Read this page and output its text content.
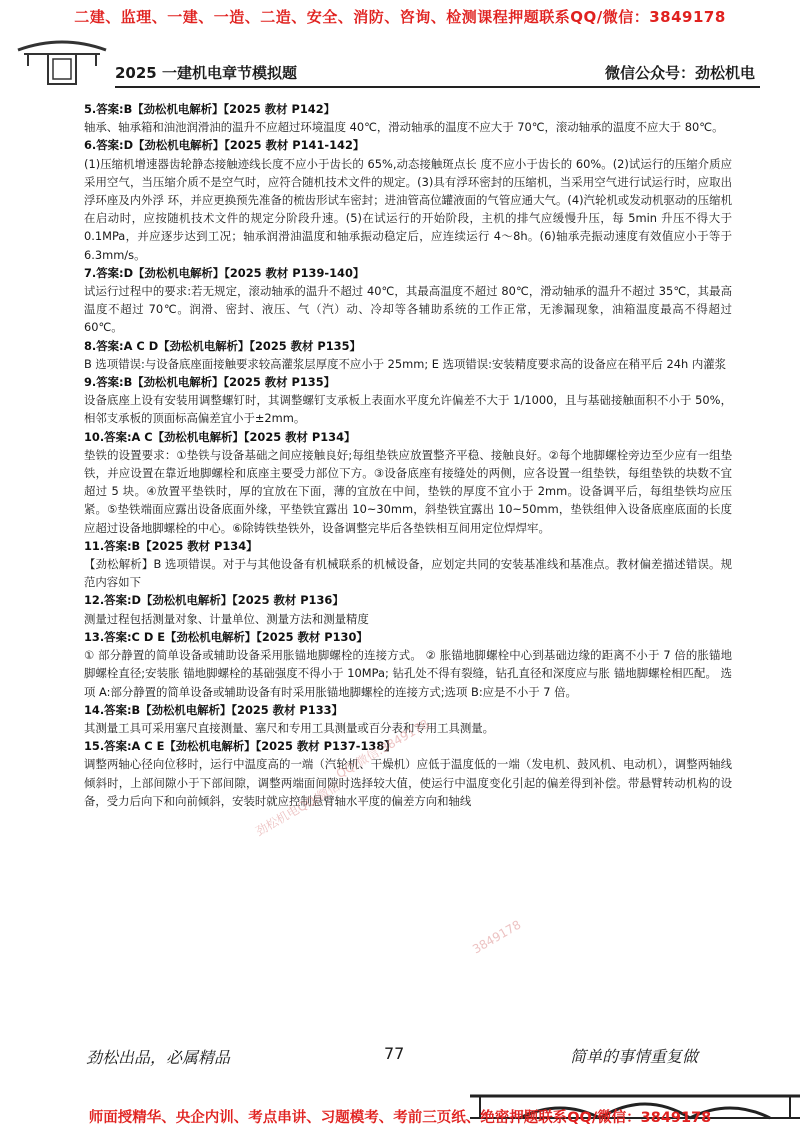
二建、监理、一建、一造、二造、安全、消防、咨询、检测课程押题联系QQ/微信：3849178
2025 一建机电章节模拟题	微信公众号：劲松机电
5.答案:B【劲松机电解析】【2025 教材 P142】

轴承、轴承箱和油池润滑油的温升不应超过环境温度 40℃，滑动轴承的温度不应大于 70℃，滚动轴承的温度不应大于 80℃。

6.答案:D【劲松机电解析】【2025 教材 P141-142】

(1)压缩机增速器齿轮静态接触迹线长度不应小于齿长的 65%,动态接触斑点长 度不应小于齿长的 60%。(2)试运行的压缩介质应采用空气，当压缩介质不是空气时，应符合随机技术文件的规定。(3)具有浮环密封的压缩机，当采用空气进行试运行时，应取出浮环座及内外浮 环，并应更换预先准备的梳齿形试车密封；进油管高位罐液面的气管应通大气。(4)汽轮机或发动机驱动的压缩机在启动时，应按随机技术文件的规定分阶段升速。(5)在试运行的开始阶段，主机的排气应缓慢升压，每 5min 升压不得大于 0.1MPa，并应逐步达到工况；轴承润滑油温度和轴承振动稳定后，应连续运行 4～8h。(6)轴承壳振动速度有效值应小于等于 6.3mm/s。

7.答案:D【劲松机电解析】【2025 教材 P139-140】

试运行过程中的要求:若无规定，滚动轴承的温升不超过 40℃，其最高温度不超过 80℃，滑动轴承的温升不超过 35℃，其最高温度不超过 70℃。润滑、密封、液压、气（汽）动、冷却等各辅助系统的工作正常，无渗漏现象，油箱温度最高不得超过 60℃。

8.答案:A C D【劲松机电解析】【2025 教材 P135】

B 选项错误:与设备底座面接触要求较高灌浆层厚度不应小于 25mm; E 选项错误:安装精度要求高的设备应在稍平后 24h 内灌浆

9.答案:B【劲松机电解析】【2025 教材 P135】

设备底座上设有安装用调整螺钉时，其调整螺钉支承板上表面水平度允许偏差不大于 1/1000，且与基础接触面积不小于 50%，相邻支承板的顶面标高偏差宜小于±2mm。

10.答案:A C【劲松机电解析】【2025 教材 P134】

垫铁的设置要求：①垫铁与设备基础之间应接触良好;每组垫铁应放置整齐平稳、接触良好。②每个地脚螺栓旁边至少应有一组垫铁，并应设置在靠近地脚螺栓和底座主要受力部位下方。③设备底座有接缝处的两侧，应各设置一组垫铁，每组垫铁的块数不宜超过 5 块。④放置平垫铁时，厚的宜放在下面，薄的宜放在中间，垫铁的厚度不宜小于 2mm。设备调平后，每组垫铁均应压紧。⑤垫铁端面应露出设备底面外缘，平垫铁宜露出 10~30mm，斜垫铁宜露出 10~50mm，垫铁组伸入设备底座底面的长度应超过设备地脚螺栓的中心。⑥除铸铁垫铁外，设备调整完毕后各垫铁相互间用定位焊焊牢。

11.答案:B【2025 教材 P134】

【劲松解析】B 选项错误。对于与其他设备有机械联系的机械设备，应划定共同的安装基准线和基准点。教材偏差描述错误。规范内容如下

12.答案:D【劲松机电解析】【2025 教材 P136】

测量过程包括测量对象、计量单位、测量方法和测量精度

13.答案:C D E【劲松机电解析】【2025 教材 P130】

① 部分静置的简单设备或辅助设备采用胀锚地脚螺栓的连接方式。 ② 胀锚地脚螺栓中心到基础边缘的距离不小于 7 倍的胀锚地脚螺栓直径;安装胀 锚地脚螺栓的基础强度不得小于 10MPa; 钻孔处不得有裂缝，钻孔直径和深度应与胀 锚地脚螺栓相匹配。 选项 A:部分静置的简单设备或辅助设备有时采用胀锚地脚螺栓的连接方式;选项 B:应是不小于 7 倍。

14.答案:B【劲松机电解析】【2025 教材 P133】

其测量工具可采用塞尺直接测量、塞尺和专用工具测量或百分表和专用工具测量。

15.答案:A C E【劲松机电解析】【2025 教材 P137-138】

调整两轴心径向位移时，运行中温度高的一端（汽轮机、干燥机）应低于温度低的一端（发电机、鼓风机、电动机），调整两轴线倾斜时，上部间隙小于下部间隙，调整两端面间隙时选择较大值，使运行中温度变化引起的偏差得到补偿。带悬臂转动机构的设备，受力后向下和向前倾斜，安装时就应控制悬臂轴水平度的偏差方向和轴线

QQ/微信:3849178
劲松机电QQ/微信
3849178
劲松出品，必属精品	77	简单的事情重复做
师面授精华、央企内训、考点串讲、习题模考、考前三页纸、绝密押题联系QQ/微信：3849178
